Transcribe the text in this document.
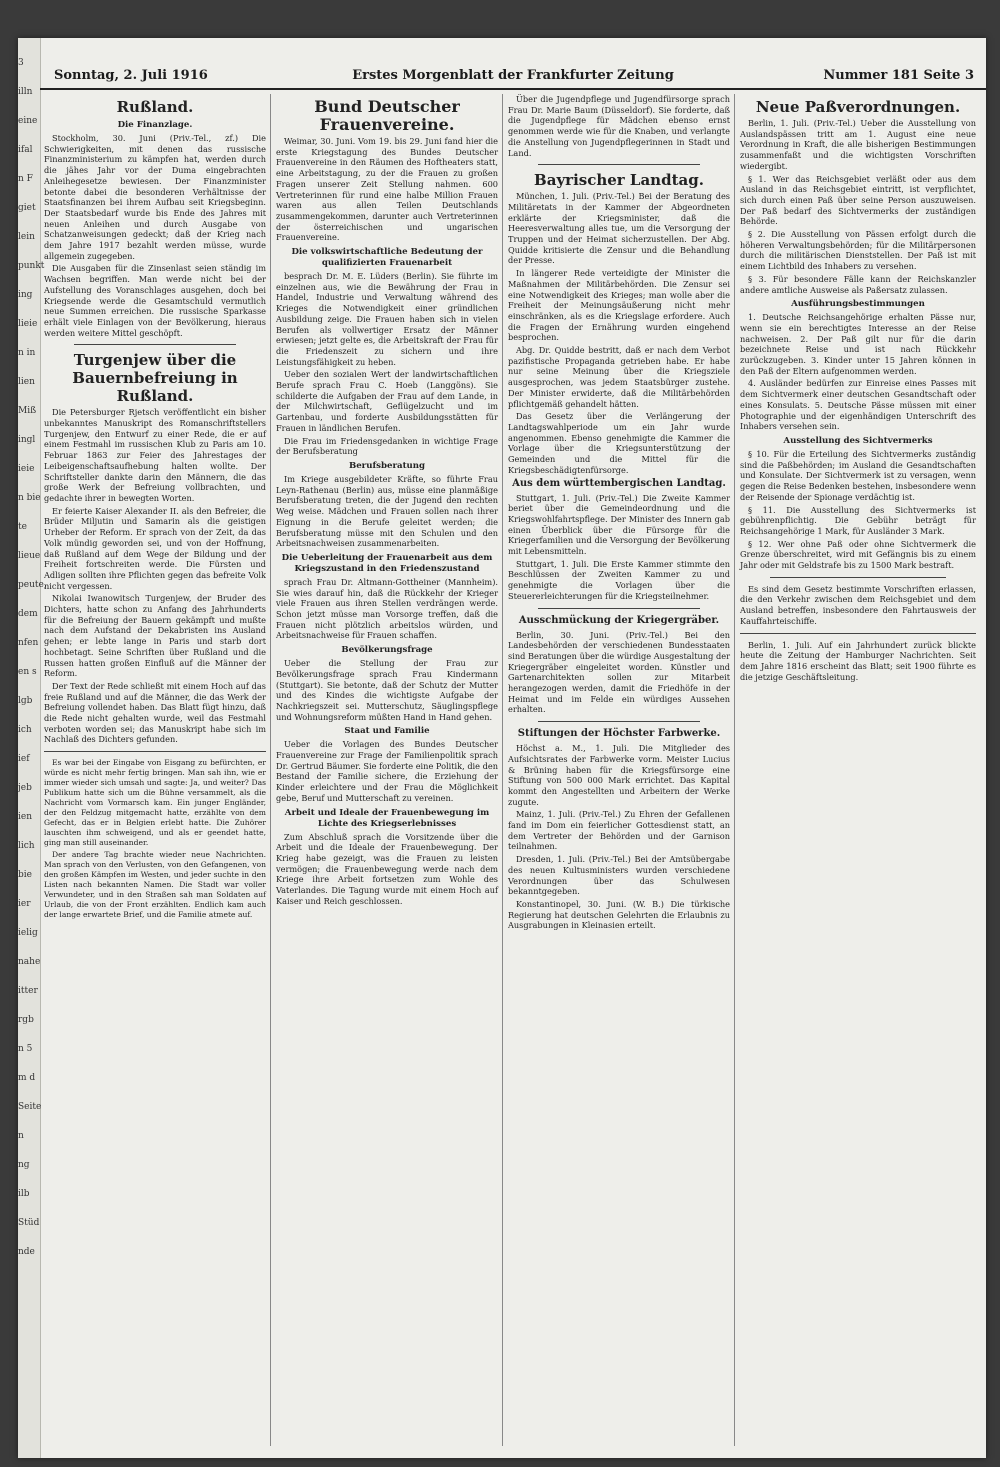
3
illn
eine
ifal
n F
giet
lein
punkt
ing
lieie
n in
lien
Miß
ingl
ieie
n bie
te
lieue
peute,
dem
nfen
en s
lgb
ich
ief
jeb
ien
lich
bie
ier
ielig
nahe
itter
rgb
n 5
m d
Seite
n
ng
ilb
Stüd
nde
Sonntag, 2. Juli 1916	Erstes Morgenblatt der Frankfurter Zeitung	Nummer 181 Seite 3
Rußland.
Die Finanzlage.

Stockholm, 30. Juni (Priv.-Tel., zf.) Die Schwierigkeiten, mit denen das russische Finanzministerium zu kämpfen hat, werden durch die jähes Jahr vor der Duma eingebrachten Anleihegesetze bewiesen. Der Finanzminister betonte dabei die besonderen Verhältnisse der Staatsfinanzen bei ihrem Aufbau seit Kriegsbeginn. Der Staatsbedarf wurde bis Ende des Jahres mit neuen Anleihen und durch Ausgabe von Schatzanweisungen gedeckt; daß der Krieg nach dem Jahre 1917 bezahlt werden müsse, wurde allgemein zugegeben.

Die Ausgaben für die Zinsenlast seien ständig im Wachsen begriffen. Man werde nicht bei der Aufstellung des Voranschlages ausgehen, doch bei Kriegsende werde die Gesamtschuld vermutlich neue Summen erreichen. Die russische Sparkasse erhält viele Einlagen von der Bevölkerung, hieraus werden weitere Mittel geschöpft.

Turgenjew über die Bauernbefreiung in Rußland.

Die Petersburger Rjetsch veröffentlicht ein bisher unbekanntes Manuskript des Romanschriftstellers Turgenjew, den Entwurf zu einer Rede, die er auf einem Festmahl im russischen Klub zu Paris am 10. Februar 1863 zur Feier des Jahrestages der Leibeigenschaftsaufhebung halten wollte. Der Schriftsteller dankte darin den Männern, die das große Werk der Befreiung vollbrachten, und gedachte ihrer in bewegten Worten.

Er feierte Kaiser Alexander II. als den Befreier, die Brüder Miljutin und Samarin als die geistigen Urheber der Reform. Er sprach von der Zeit, da das Volk mündig geworden sei, und von der Hoffnung, daß Rußland auf dem Wege der Bildung und der Freiheit fortschreiten werde. Die Fürsten und Adligen sollten ihre Pflichten gegen das befreite Volk nicht vergessen.

Nikolai Iwanowitsch Turgenjew, der Bruder des Dichters, hatte schon zu Anfang des Jahrhunderts für die Befreiung der Bauern gekämpft und mußte nach dem Aufstand der Dekabristen ins Ausland gehen; er lebte lange in Paris und starb dort hochbetagt. Seine Schriften über Rußland und die Russen hatten großen Einfluß auf die Männer der Reform.

Der Text der Rede schließt mit einem Hoch auf das freie Rußland und auf die Männer, die das Werk der Befreiung vollendet haben. Das Blatt fügt hinzu, daß die Rede nicht gehalten wurde, weil das Festmahl verboten worden sei; das Manuskript habe sich im Nachlaß des Dichters gefunden.

Es war bei der Eingabe von Eisgang zu befürchten, er würde es nicht mehr fertig bringen. Man sah ihn, wie er immer wieder sich umsah und sagte: Ja, und weiter? Das Publikum hatte sich um die Bühne versammelt, als die Nachricht vom Vormarsch kam. Ein junger Engländer, der den Feldzug mitgemacht hatte, erzählte von dem Gefecht, das er in Belgien erlebt hatte. Die Zuhörer lauschten ihm schweigend, und als er geendet hatte, ging man still auseinander.

Der andere Tag brachte wieder neue Nachrichten. Man sprach von den Verlusten, von den Gefangenen, von den großen Kämpfen im Westen, und jeder suchte in den Listen nach bekannten Namen. Die Stadt war voller Verwundeter, und in den Straßen sah man Soldaten auf Urlaub, die von der Front erzählten. Endlich kam auch der lange erwartete Brief, und die Familie atmete auf.

Bund Deutscher Frauenvereine.

Weimar, 30. Juni. Vom 19. bis 29. Juni fand hier die erste Kriegstagung des Bundes Deutscher Frauenvereine in den Räumen des Hoftheaters statt, eine Arbeitstagung, zu der die Frauen zu großen Fragen unserer Zeit Stellung nahmen. 600 Vertreterinnen für rund eine halbe Million Frauen waren aus allen Teilen Deutschlands zusammengekommen, darunter auch Vertreterinnen der österreichischen und ungarischen Frauenvereine.

Die volkswirtschaftliche Bedeutung der qualifizierten Frauenarbeit

besprach Dr. M. E. Lüders (Berlin). Sie führte im einzelnen aus, wie die Bewährung der Frau in Handel, Industrie und Verwaltung während des Krieges die Notwendigkeit einer gründlichen Ausbildung zeige. Die Frauen haben sich in vielen Berufen als vollwertiger Ersatz der Männer erwiesen; jetzt gelte es, die Arbeitskraft der Frau für die Friedenszeit zu sichern und ihre Leistungsfähigkeit zu heben.

Ueber den sozialen Wert der landwirtschaftlichen Berufe sprach Frau C. Hoeb (Langgöns). Sie schilderte die Aufgaben der Frau auf dem Lande, in der Milchwirtschaft, Geflügelzucht und im Gartenbau, und forderte Ausbildungsstätten für Frauen in ländlichen Berufen.

Die Frau im Friedensgedanken in wichtige Frage der Berufsberatung

Berufsberatung

Im Kriege ausgebildeter Kräfte, so führte Frau Leyn-Rathenau (Berlin) aus, müsse eine planmäßige Berufsberatung treten, die der Jugend den rechten Weg weise. Mädchen und Frauen sollen nach ihrer Eignung in die Berufe geleitet werden; die Berufsberatung müsse mit den Schulen und den Arbeitsnachweisen zusammenarbeiten.

Die Ueberleitung der Frauenarbeit aus dem Kriegszustand in den Friedenszustand

sprach Frau Dr. Altmann-Gottheiner (Mannheim). Sie wies darauf hin, daß die Rückkehr der Krieger viele Frauen aus ihren Stellen verdrängen werde. Schon jetzt müsse man Vorsorge treffen, daß die Frauen nicht plötzlich arbeitslos würden, und Arbeitsnachweise für Frauen schaffen.

Bevölkerungsfrage

Ueber die Stellung der Frau zur Bevölkerungsfrage sprach Frau Kindermann (Stuttgart). Sie betonte, daß der Schutz der Mutter und des Kindes die wichtigste Aufgabe der Nachkriegszeit sei. Mutterschutz, Säuglingspflege und Wohnungsreform müßten Hand in Hand gehen.

Staat und Familie

Ueber die Vorlagen des Bundes Deutscher Frauenvereine zur Frage der Familienpolitik sprach Dr. Gertrud Bäumer. Sie forderte eine Politik, die den Bestand der Familie sichere, die Erziehung der Kinder erleichtere und der Frau die Möglichkeit gebe, Beruf und Mutterschaft zu vereinen.

Arbeit und Ideale der Frauenbewegung im Lichte des Kriegserlebnisses

Zum Abschluß sprach die Vorsitzende über die Arbeit und die Ideale der Frauenbewegung. Der Krieg habe gezeigt, was die Frauen zu leisten vermögen; die Frauenbewegung werde nach dem Kriege ihre Arbeit fortsetzen zum Wohle des Vaterlandes. Die Tagung wurde mit einem Hoch auf Kaiser und Reich geschlossen.

Über die Jugendpflege und Jugendfürsorge sprach Frau Dr. Marie Baum (Düsseldorf). Sie forderte, daß die Jugendpflege für Mädchen ebenso ernst genommen werde wie für die Knaben, und verlangte die Anstellung von Jugendpflegerinnen in Stadt und Land.

Bayrischer Landtag.

München, 1. Juli. (Priv.-Tel.) Bei der Beratung des Militäretats in der Kammer der Abgeordneten erklärte der Kriegsminister, daß die Heeresverwaltung alles tue, um die Versorgung der Truppen und der Heimat sicherzustellen. Der Abg. Quidde kritisierte die Zensur und die Behandlung der Presse.

In längerer Rede verteidigte der Minister die Maßnahmen der Militärbehörden. Die Zensur sei eine Notwendigkeit des Krieges; man wolle aber die Freiheit der Meinungsäußerung nicht mehr einschränken, als es die Kriegslage erfordere. Auch die Fragen der Ernährung wurden eingehend besprochen.

Abg. Dr. Quidde bestritt, daß er nach dem Verbot pazifistische Propaganda getrieben habe. Er habe nur seine Meinung über die Kriegsziele ausgesprochen, was jedem Staatsbürger zustehe. Der Minister erwiderte, daß die Militärbehörden pflichtgemäß gehandelt hätten.

Das Gesetz über die Verlängerung der Landtagswahlperiode um ein Jahr wurde angenommen. Ebenso genehmigte die Kammer die Vorlage über die Kriegsunterstützung der Gemeinden und die Mittel für die Kriegsbeschädigtenfürsorge.

Aus dem württembergischen Landtag.

Stuttgart, 1. Juli. (Priv.-Tel.) Die Zweite Kammer beriet über die Gemeindeordnung und die Kriegswohlfahrtspflege. Der Minister des Innern gab einen Überblick über die Fürsorge für die Kriegerfamilien und die Versorgung der Bevölkerung mit Lebensmitteln.

Stuttgart, 1. Juli. Die Erste Kammer stimmte den Beschlüssen der Zweiten Kammer zu und genehmigte die Vorlagen über die Steuererleichterungen für die Kriegsteilnehmer.

Ausschmückung der Kriegergräber.

Berlin, 30. Juni. (Priv.-Tel.) Bei den Landesbehörden der verschiedenen Bundesstaaten sind Beratungen über die würdige Ausgestaltung der Kriegergräber eingeleitet worden. Künstler und Gartenarchitekten sollen zur Mitarbeit herangezogen werden, damit die Friedhöfe in der Heimat und im Felde ein würdiges Aussehen erhalten.

Stiftungen der Höchster Farbwerke.

Höchst a. M., 1. Juli. Die Mitglieder des Aufsichtsrates der Farbwerke vorm. Meister Lucius & Brüning haben für die Kriegsfürsorge eine Stiftung von 500 000 Mark errichtet. Das Kapital kommt den Angestellten und Arbeitern der Werke zugute.

Mainz, 1. Juli. (Priv.-Tel.) Zu Ehren der Gefallenen fand im Dom ein feierlicher Gottesdienst statt, an dem Vertreter der Behörden und der Garnison teilnahmen.

Dresden, 1. Juli. (Priv.-Tel.) Bei der Amtsübergabe des neuen Kultusministers wurden verschiedene Verordnungen über das Schulwesen bekanntgegeben.

Konstantinopel, 30. Juni. (W. B.) Die türkische Regierung hat deutschen Gelehrten die Erlaubnis zu Ausgrabungen in Kleinasien erteilt.

Neue Paßverordnungen.

Berlin, 1. Juli. (Priv.-Tel.) Ueber die Ausstellung von Auslandspässen tritt am 1. August eine neue Verordnung in Kraft, die alle bisherigen Bestimmungen zusammenfaßt und die wichtigsten Vorschriften wiedergibt.

§ 1. Wer das Reichsgebiet verläßt oder aus dem Ausland in das Reichsgebiet eintritt, ist verpflichtet, sich durch einen Paß über seine Person auszuweisen. Der Paß bedarf des Sichtvermerks der zuständigen Behörde.

§ 2. Die Ausstellung von Pässen erfolgt durch die höheren Verwaltungsbehörden; für die Militärpersonen durch die militärischen Dienststellen. Der Paß ist mit einem Lichtbild des Inhabers zu versehen.

§ 3. Für besondere Fälle kann der Reichskanzler andere amtliche Ausweise als Paßersatz zulassen.

Ausführungsbestimmungen

1. Deutsche Reichsangehörige erhalten Pässe nur, wenn sie ein berechtigtes Interesse an der Reise nachweisen. 2. Der Paß gilt nur für die darin bezeichnete Reise und ist nach Rückkehr zurückzugeben. 3. Kinder unter 15 Jahren können in den Paß der Eltern aufgenommen werden.

4. Ausländer bedürfen zur Einreise eines Passes mit dem Sichtvermerk einer deutschen Gesandtschaft oder eines Konsulats. 5. Deutsche Pässe müssen mit einer Photographie und der eigenhändigen Unterschrift des Inhabers versehen sein.

Ausstellung des Sichtvermerks

§ 10. Für die Erteilung des Sichtvermerks zuständig sind die Paßbehörden; im Ausland die Gesandtschaften und Konsulate. Der Sichtvermerk ist zu versagen, wenn gegen die Reise Bedenken bestehen, insbesondere wenn der Reisende der Spionage verdächtig ist.

§ 11. Die Ausstellung des Sichtvermerks ist gebührenpflichtig. Die Gebühr beträgt für Reichsangehörige 1 Mark, für Ausländer 3 Mark.

§ 12. Wer ohne Paß oder ohne Sichtvermerk die Grenze überschreitet, wird mit Gefängnis bis zu einem Jahr oder mit Geldstrafe bis zu 1500 Mark bestraft.

Es sind dem Gesetz bestimmte Vorschriften erlassen, die den Verkehr zwischen dem Reichsgebiet und dem Ausland betreffen, insbesondere den Fahrtausweis der Kauffahrteischiffe.

Berlin, 1. Juli. Auf ein Jahrhundert zurück blickte heute die Zeitung der Hamburger Nachrichten. Seit dem Jahre 1816 erscheint das Blatt; seit 1900 führte es die jetzige Geschäftsleitung.
